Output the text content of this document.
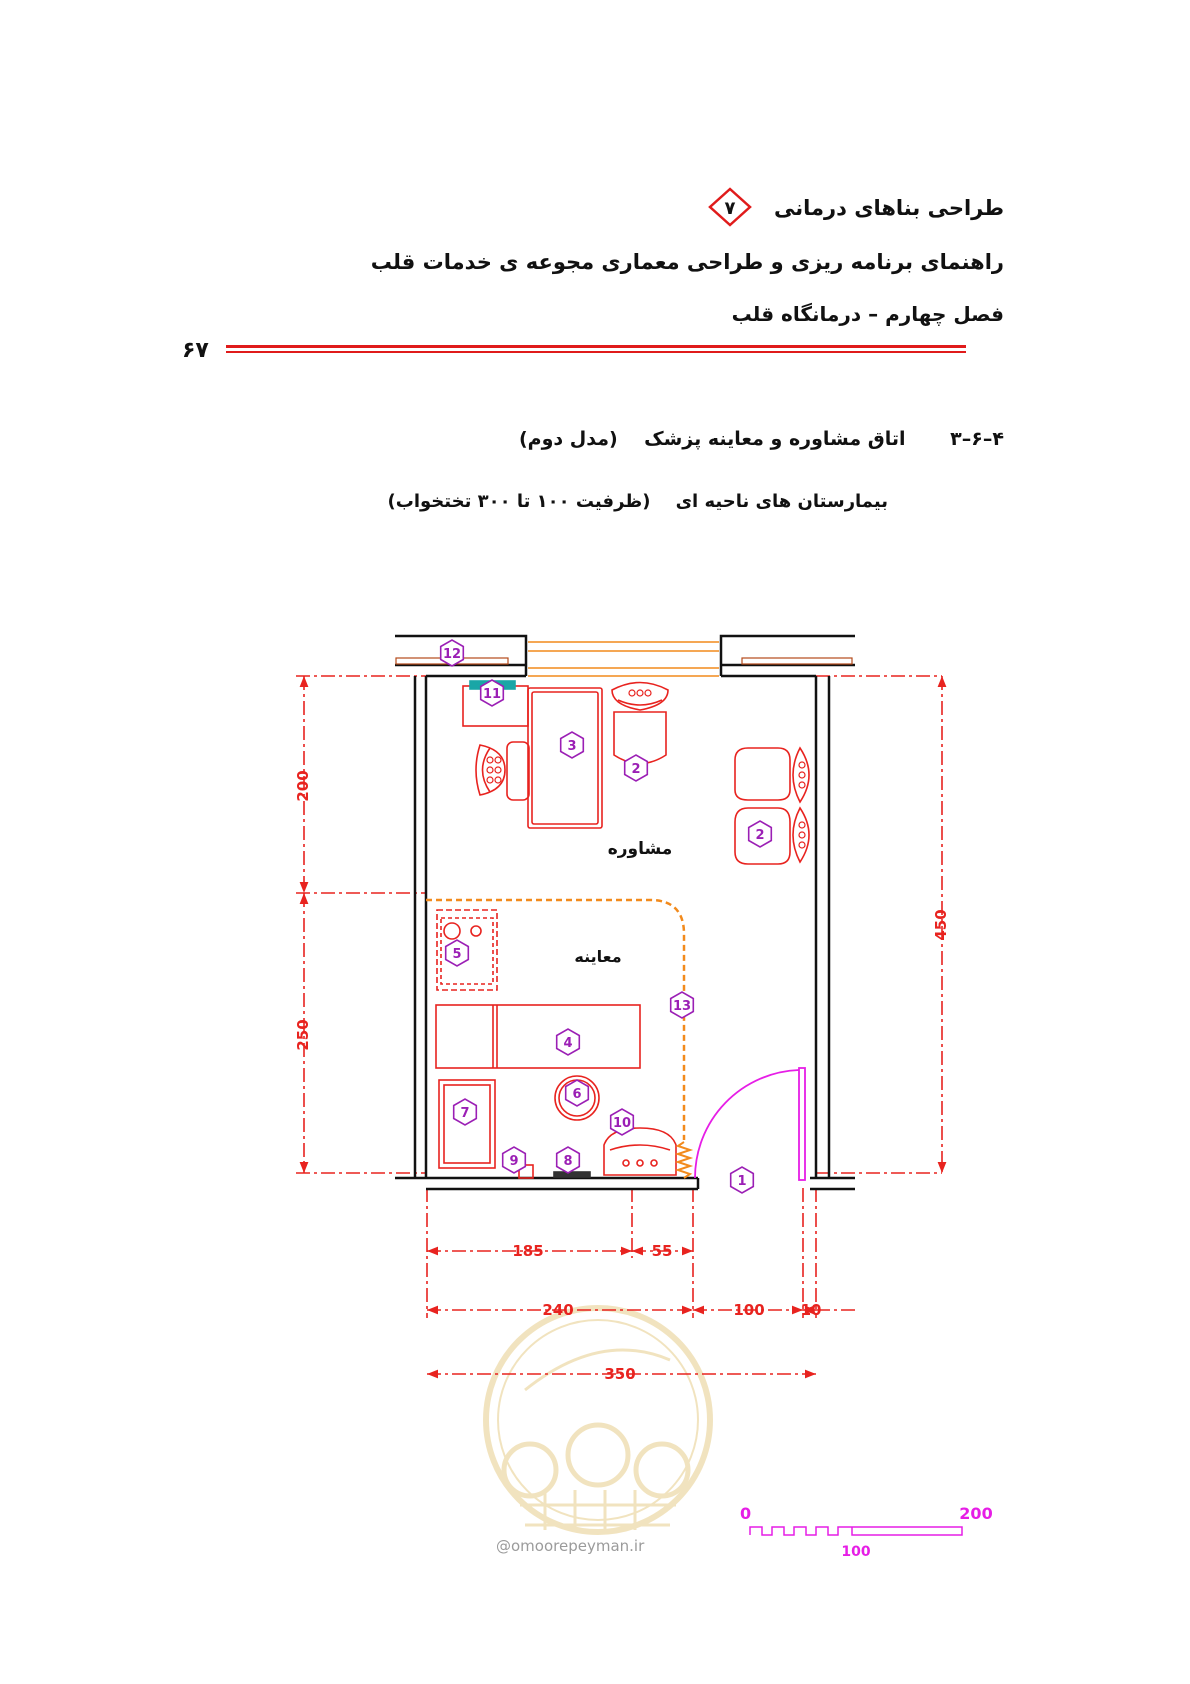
طراحی بناهای درمانی
۷
راهنمای برنامه ریزی و طراحی معماری مجوعه ی خدمات قلب
فصل چهارم – درمانگاه قلب
۶۷
۴–۶–۳ اتاق مشاوره و معاینه پزشک    (مدل دوم)
بیمارستان های ناحیه ای    (ظرفیت ۱۰۰ تا ۳۰۰ تختخواب)
200
250
450
185	55
240	100 10
350
مشاوره
معاینه
1
2
2
3
4
5
6
7
8
9
10
11
12
13
0
100
200
@omoorepeyman.ir
